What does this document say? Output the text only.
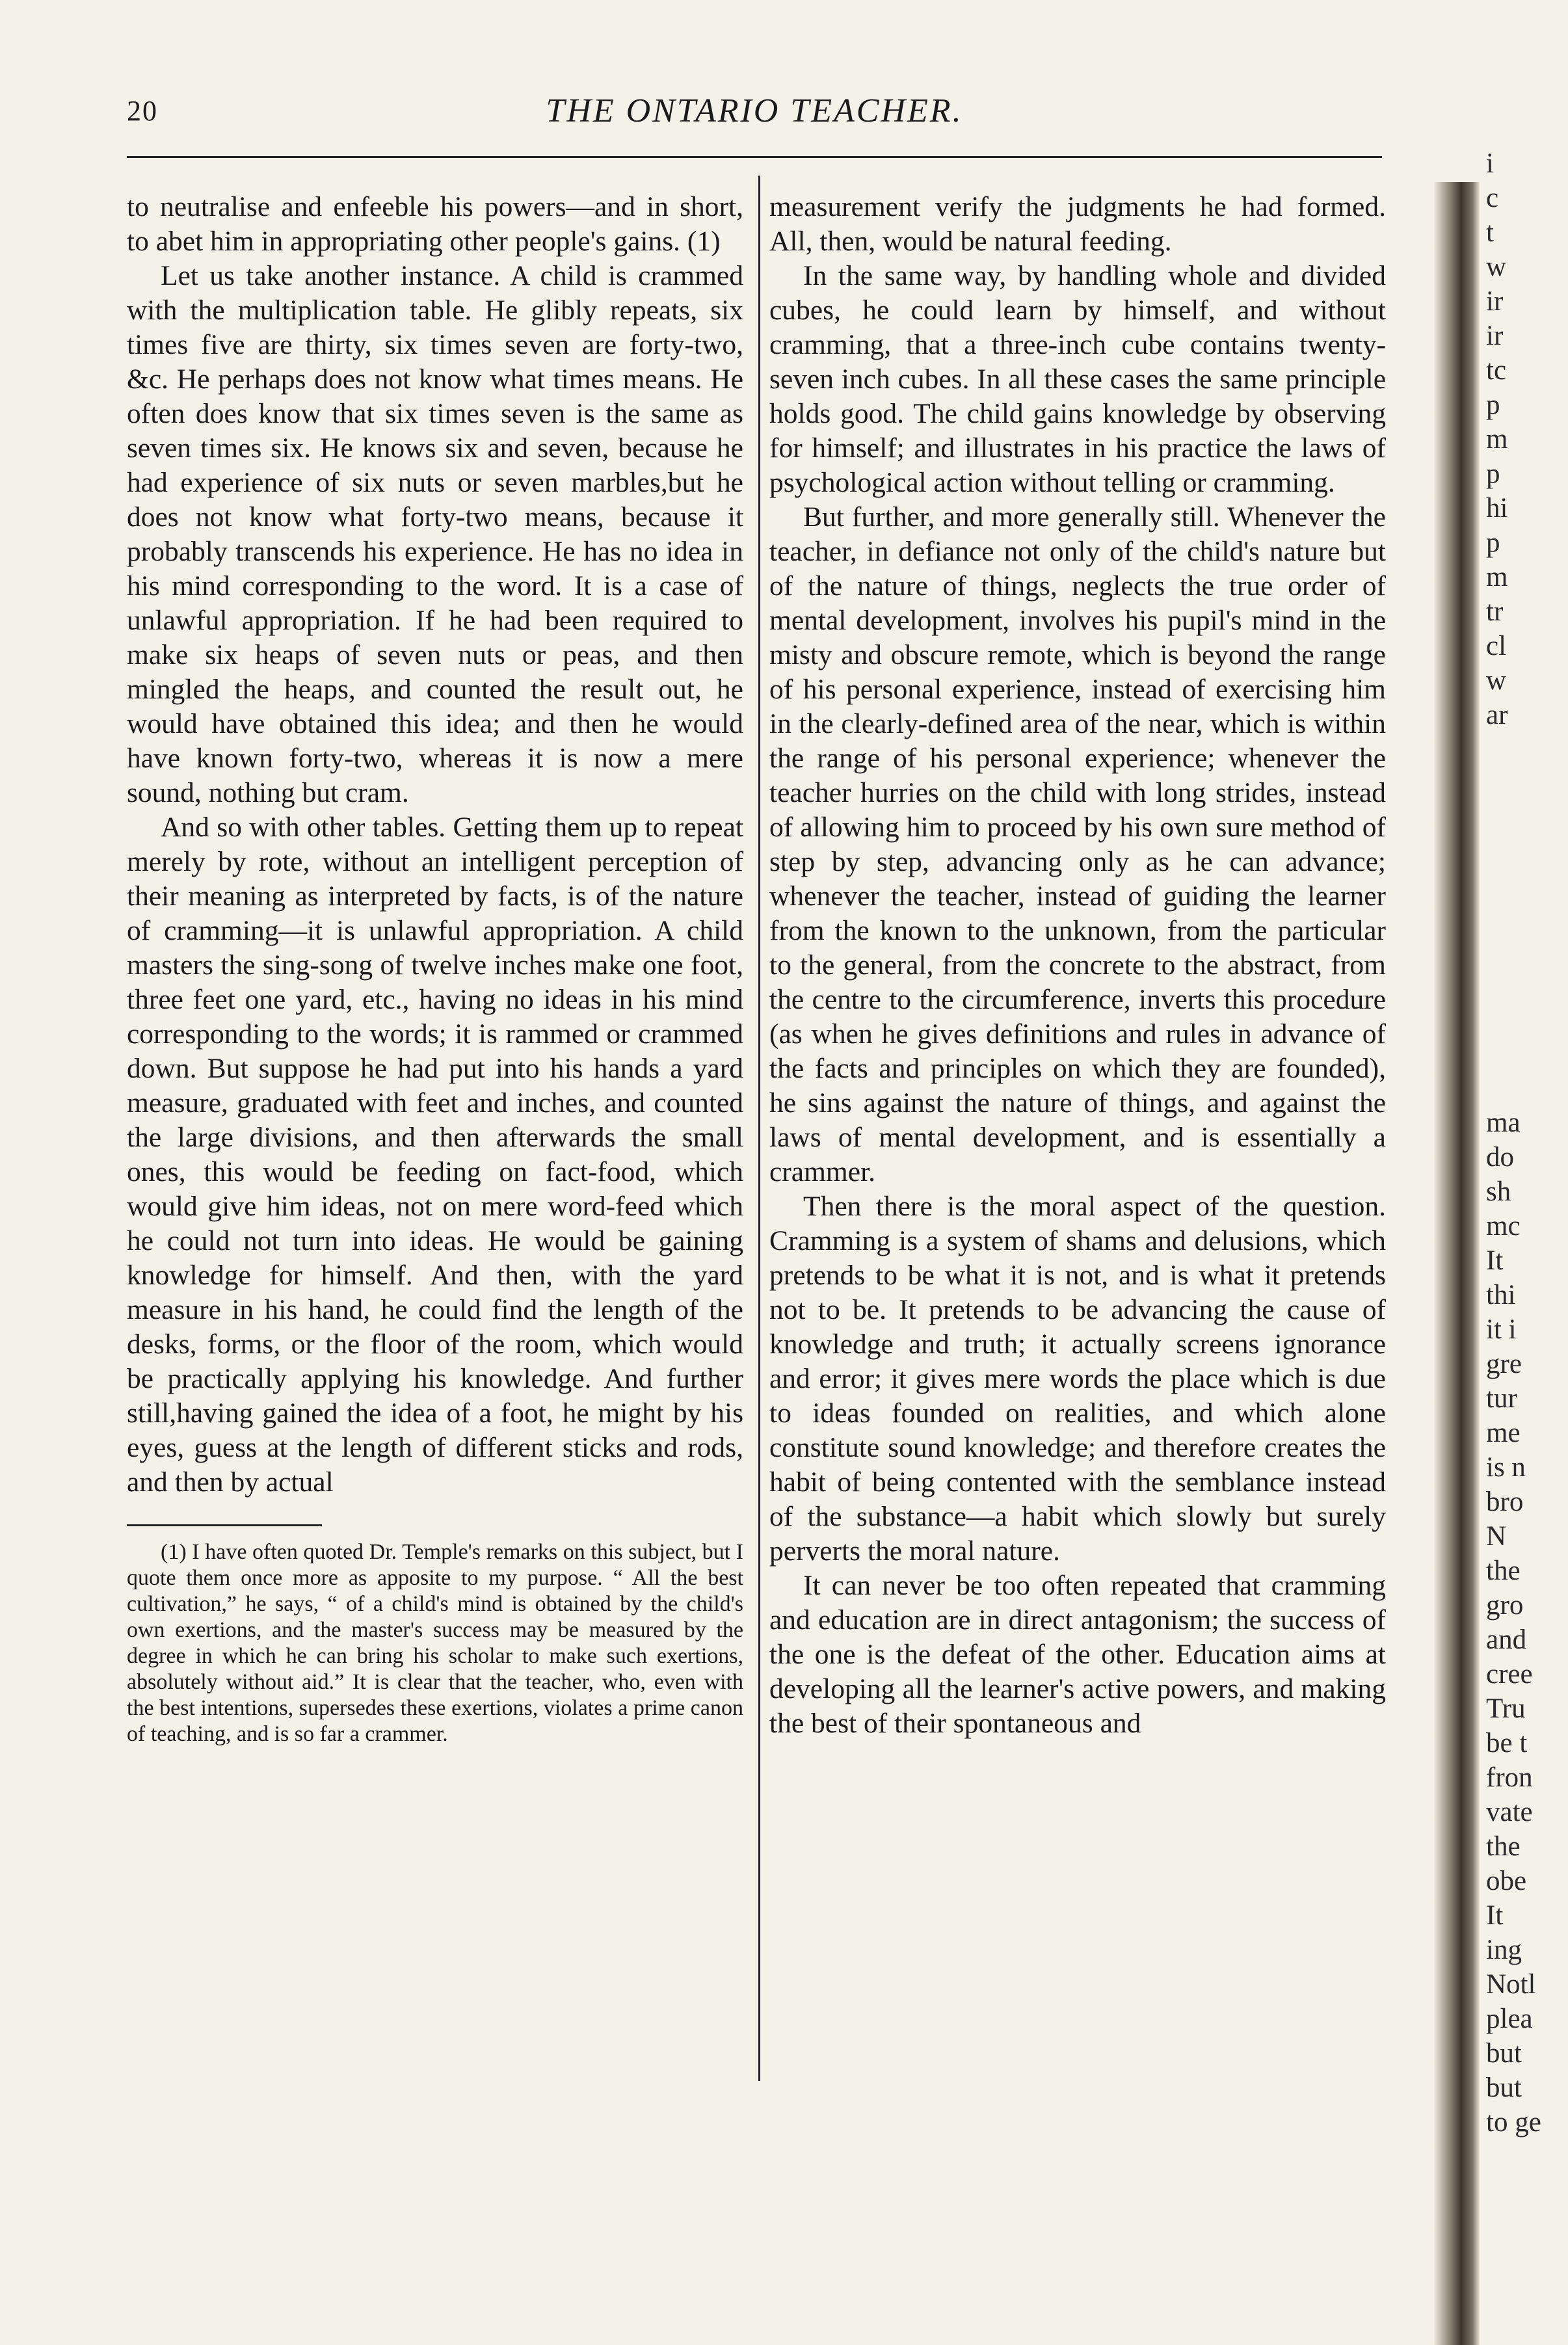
20	THE ONTARIO TEACHER.

to neutralise and enfeeble his powers—and in short, to abet him in appropriating other people's gains. (1)

Let us take another instance. A child is crammed with the multiplication table. He glibly repeats, six times five are thirty, six times seven are forty-two, &c. He perhaps does not know what times means. He often does know that six times seven is the same as seven times six. He knows six and seven, because he had experience of six nuts or seven marbles,but he does not know what forty-two means, because it probably transcends his experience. He has no idea in his mind corresponding to the word. It is a case of unlawful appropriation. If he had been required to make six heaps of seven nuts or peas, and then mingled the heaps, and counted the result out, he would have obtained this idea; and then he would have known forty-two, whereas it is now a mere sound, nothing but cram.

And so with other tables. Getting them up to repeat merely by rote, without an intelligent perception of their meaning as interpreted by facts, is of the nature of cramming—it is unlawful appropriation. A child masters the sing-song of twelve inches make one foot, three feet one yard, etc., having no ideas in his mind corresponding to the words; it is rammed or crammed down. But suppose he had put into his hands a yard measure, graduated with feet and inches, and counted the large divisions, and then afterwards the small ones, this would be feeding on fact-food, which would give him ideas, not on mere word-feed which he could not turn into ideas. He would be gaining knowledge for himself. And then, with the yard measure in his hand, he could find the length of the desks, forms, or the floor of the room, which would be practically applying his knowledge. And further still,having gained the idea of a foot, he might by his eyes, guess at the length of different sticks and rods, and then by actual

(1) I have often quoted Dr. Temple's remarks on this subject, but I quote them once more as apposite to my purpose. “ All the best cultivation,” he says, “ of a child's mind is obtained by the child's own exertions, and the master's success may be measured by the degree in which he can bring his scholar to make such exertions, absolutely without aid.” It is clear that the teacher, who, even with the best intentions, supersedes these exertions, violates a prime canon of teaching, and is so far a crammer.

measurement verify the judgments he had formed. All, then, would be natural feeding.

In the same way, by handling whole and divided cubes, he could learn by himself, and without cramming, that a three-inch cube contains twenty-seven inch cubes. In all these cases the same principle holds good. The child gains knowledge by observing for himself; and illustrates in his practice the laws of psychological action without telling or cramming.

But further, and more generally still. Whenever the teacher, in defiance not only of the child's nature but of the nature of things, neglects the true order of mental development, involves his pupil's mind in the misty and obscure remote, which is beyond the range of his personal experience, instead of exercising him in the clearly-defined area of the near, which is within the range of his personal experience; whenever the teacher hurries on the child with long strides, instead of allowing him to proceed by his own sure method of step by step, advancing only as he can advance; whenever the teacher, instead of guiding the learner from the known to the unknown, from the particular to the general, from the concrete to the abstract, from the centre to the circumference, inverts this procedure (as when he gives definitions and rules in advance of the facts and principles on which they are founded), he sins against the nature of things, and against the laws of mental development, and is essentially a crammer.

Then there is the moral aspect of the question. Cramming is a system of shams and delusions, which pretends to be what it is not, and is what it pretends not to be. It pretends to be advancing the cause of knowledge and truth; it actually screens ignorance and error; it gives mere words the place which is due to ideas founded on realities, and which alone constitute sound knowledge; and therefore creates the habit of being contented with the semblance instead of the substance—a habit which slowly but surely perverts the moral nature.

It can never be too often repeated that cramming and education are in direct antagonism; the success of the one is the defeat of the other. Education aims at developing all the learner's active powers, and making the best of their spontaneous and

i
c
t
w
ir
ir
tc
p
m
p
hi
p
m
tr
cl
w
ar
ma
do
sh
mc
It
thi
it i
gre
tur
me
is n
bro
N
the
gro
and
cree
Tru
be t
fron
vate
the
obe
It
ing
Notl
plea
but
but
to ge
